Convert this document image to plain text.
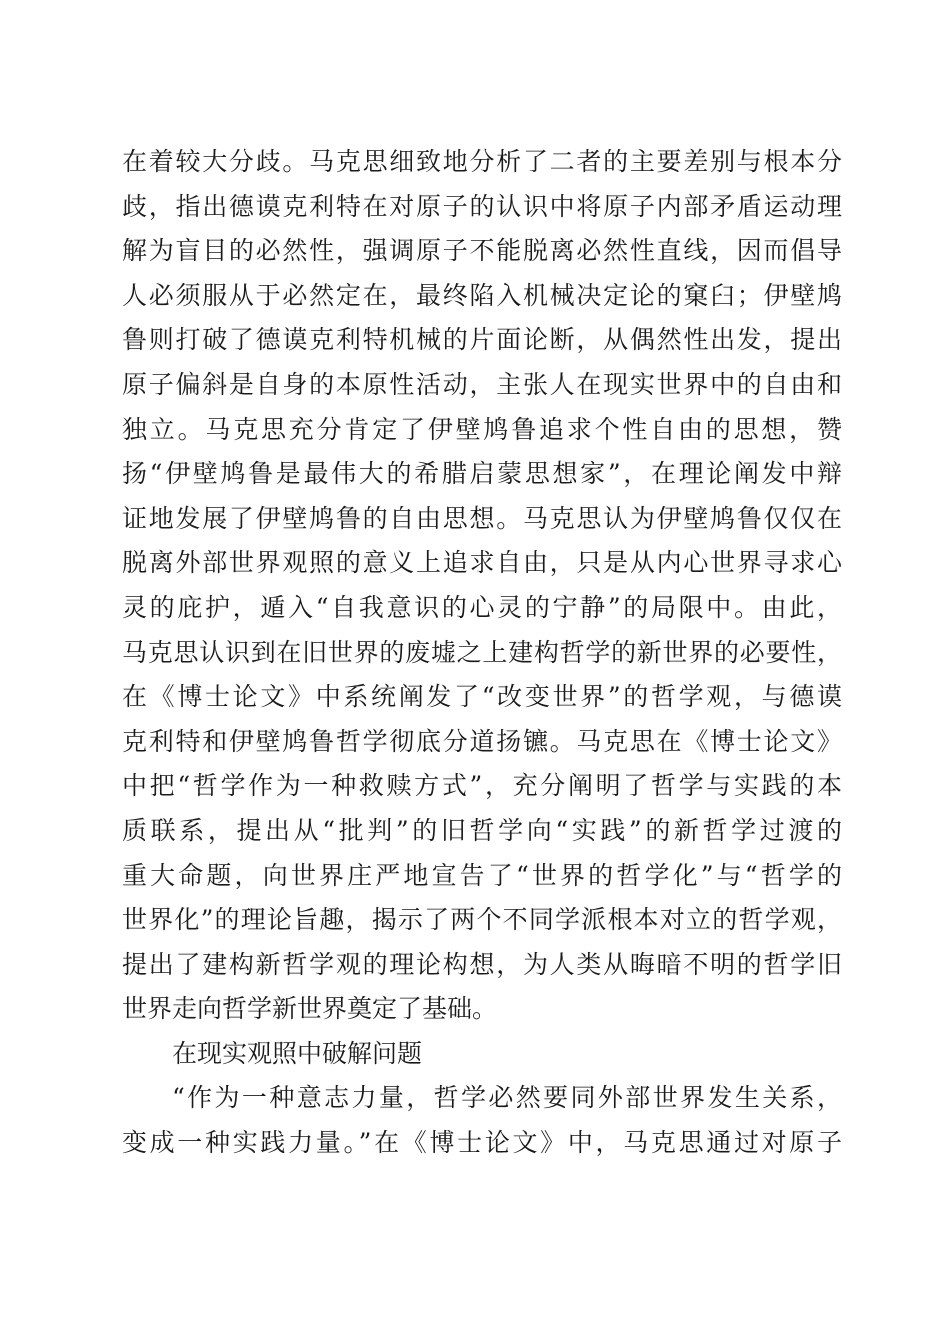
在着较大分歧。马克思细致地分析了二者的主要差别与根本分
歧，指出德谟克利特在对原子的认识中将原子内部矛盾运动理
解为盲目的必然性，强调原子不能脱离必然性直线，因而倡导
人必须服从于必然定在，最终陷入机械决定论的窠臼；伊壁鸠
鲁则打破了德谟克利特机械的片面论断，从偶然性出发，提出
原子偏斜是自身的本原性活动，主张人在现实世界中的自由和
独立。马克思充分肯定了伊壁鸠鲁追求个性自由的思想，赞
扬“伊壁鸠鲁是最伟大的希腊启蒙思想家”，在理论阐发中辩
证地发展了伊壁鸠鲁的自由思想。马克思认为伊壁鸠鲁仅仅在
脱离外部世界观照的意义上追求自由，只是从内心世界寻求心
灵的庇护，遁入“自我意识的心灵的宁静”的局限中。由此，
马克思认识到在旧世界的废墟之上建构哲学的新世界的必要性，
在《博士论文》中系统阐发了“改变世界”的哲学观，与德谟
克利特和伊壁鸠鲁哲学彻底分道扬镳。马克思在《博士论文》
中把“哲学作为一种救赎方式”，充分阐明了哲学与实践的本
质联系，提出从“批判”的旧哲学向“实践”的新哲学过渡的
重大命题，向世界庄严地宣告了“世界的哲学化”与“哲学的
世界化”的理论旨趣，揭示了两个不同学派根本对立的哲学观，
提出了建构新哲学观的理论构想，为人类从晦暗不明的哲学旧
世界走向哲学新世界奠定了基础。
在现实观照中破解问题
“作为一种意志力量，哲学必然要同外部世界发生关系，
变成一种实践力量。”在《博士论文》中，马克思通过对原子
